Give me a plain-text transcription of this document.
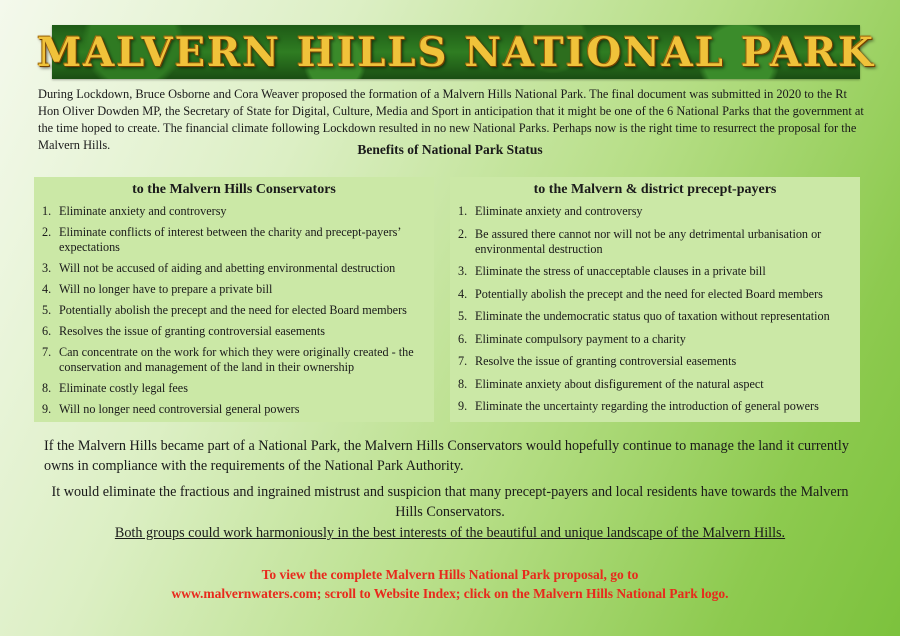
MALVERN HILLS NATIONAL PARK

During Lockdown, Bruce Osborne and Cora Weaver proposed the formation of a Malvern Hills National Park. The final document was submitted in 2020 to the Rt Hon Oliver Dowden MP, the Secretary of State for Digital, Culture, Media and Sport in anticipation that it might be one of the 6 National Parks that the government at the time hoped to create. The financial climate following Lockdown resulted in no new National Parks. Perhaps now is the right time to resurrect the proposal for the Malvern Hills.	Benefits of National Park Status
to the Malvern Hills Conservators
1. Eliminate anxiety and controversy
2. Eliminate conflicts of interest between the charity and precept-payers’ expectations
3. Will not be accused of aiding and abetting environmental destruction
4. Will no longer have to prepare a private bill
5. Potentially abolish the precept and the need for elected Board members
6. Resolves the issue of granting controversial easements
7. Can concentrate on the work for which they were originally created - the conservation and management of the land in their ownership
8. Eliminate costly legal fees
9. Will no longer need controversial general powers
to the Malvern & district precept-payers
1. Eliminate anxiety and controversy
2. Be assured there cannot nor will not be any detrimental urbanisation or environmental destruction
3. Eliminate the stress of unacceptable clauses in a private bill
4. Potentially abolish the precept and the need for elected Board members
5. Eliminate the undemocratic status quo of taxation without representation
6. Eliminate compulsory payment to a charity
7. Resolve the issue of granting controversial easements
8. Eliminate anxiety about disfigurement of the natural aspect
9. Eliminate the uncertainty regarding the introduction of general powers

If the Malvern Hills became part of a National Park, the Malvern Hills Conservators would hopefully continue to manage the land it currently owns in compliance with the requirements of the National Park Authority.

It would eliminate the fractious and ingrained mistrust and suspicion that many precept-payers and local residents have towards the Malvern Hills Conservators.

Both groups could work harmoniously in the best interests of the beautiful and unique landscape of the Malvern Hills.

To view the complete Malvern Hills National Park proposal, go to
www.malvernwaters.com; scroll to Website Index; click on the Malvern Hills National Park logo.
